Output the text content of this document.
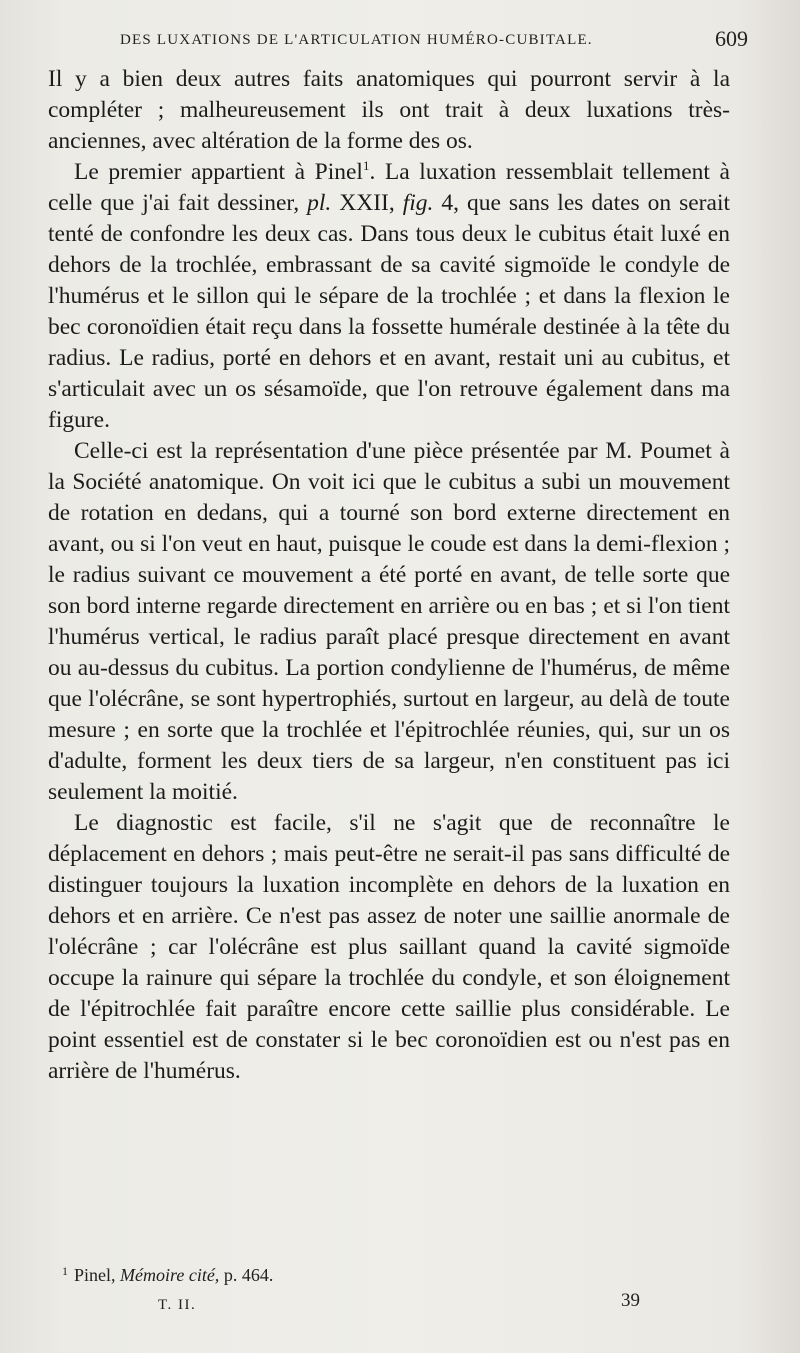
DES LUXATIONS DE L'ARTICULATION HUMÉRO-CUBITALE.	609

Il y a bien deux autres faits anatomiques qui pourront servir à la compléter ; malheureusement ils ont trait à deux luxations très-anciennes, avec altération de la forme des os.

Le premier appartient à Pinel$^1$. La luxation ressemblait tellement à celle que j'ai fait dessiner, pl. XXII, fig. 4, que sans les dates on serait tenté de confondre les deux cas. Dans tous deux le cubitus était luxé en dehors de la trochlée, embrassant de sa cavité sigmoïde le condyle de l'humérus et le sillon qui le sépare de la trochlée ; et dans la flexion le bec coronoïdien était reçu dans la fossette humérale destinée à la tête du radius. Le radius, porté en dehors et en avant, restait uni au cubitus, et s'articulait avec un os sésamoïde, que l'on retrouve également dans ma figure.

Celle-ci est la représentation d'une pièce présentée par M. Poumet à la Société anatomique. On voit ici que le cubitus a subi un mouvement de rotation en dedans, qui a tourné son bord externe directement en avant, ou si l'on veut en haut, puisque le coude est dans la demi-flexion ; le radius suivant ce mouvement a été porté en avant, de telle sorte que son bord interne regarde directement en arrière ou en bas ; et si l'on tient l'humérus vertical, le radius paraît placé presque directement en avant ou au-dessus du cubitus. La portion condylienne de l'humérus, de même que l'olécrâne, se sont hypertrophiés, surtout en largeur, au delà de toute mesure ; en sorte que la trochlée et l'épitrochlée réunies, qui, sur un os d'adulte, forment les deux tiers de sa largeur, n'en constituent pas ici seulement la moitié.

Le diagnostic est facile, s'il ne s'agit que de reconnaître le déplacement en dehors ; mais peut-être ne serait-il pas sans difficulté de distinguer toujours la luxation incomplète en dehors de la luxation en dehors et en arrière. Ce n'est pas assez de noter une saillie anormale de l'olécrâne ; car l'olécrâne est plus saillant quand la cavité sigmoïde occupe la rainure qui sépare la trochlée du condyle, et son éloignement de l'épitrochlée fait paraître encore cette saillie plus considérable. Le point essentiel est de constater si le bec coronoïdien est ou n'est pas en arrière de l'humérus.

$^1$ Pinel, Mémoire cité, p. 464.
T. II.	39
